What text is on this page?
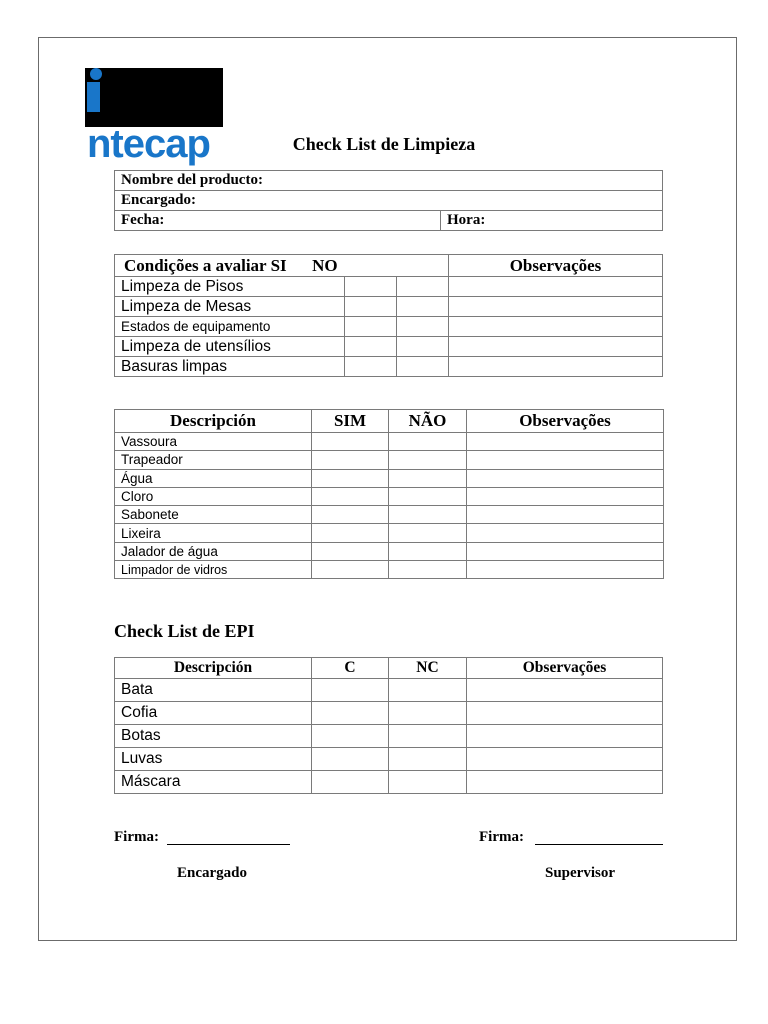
ntecap	Check List de Limpieza
Nombre del producto:
Encargado:
Fecha:	Hora:
Condições a avaliar SI NO			Observações
Limpeza de Pisos			
Limpeza de Mesas			
Estados de equipamento			
Limpeza de utensílios			
Basuras limpas			
Descripción	SIM	NÃO	Observações
Vassoura			
Trapeador			
Água			
Cloro			
Sabonete			
Lixeira			
Jalador de água			
Limpador de vidros			
Check List de EPI
Descripción	C	NC	Observações
Bata			
Cofia			
Botas			
Luvas			
Máscara			
Firma:	Firma:
Encargado	Supervisor
